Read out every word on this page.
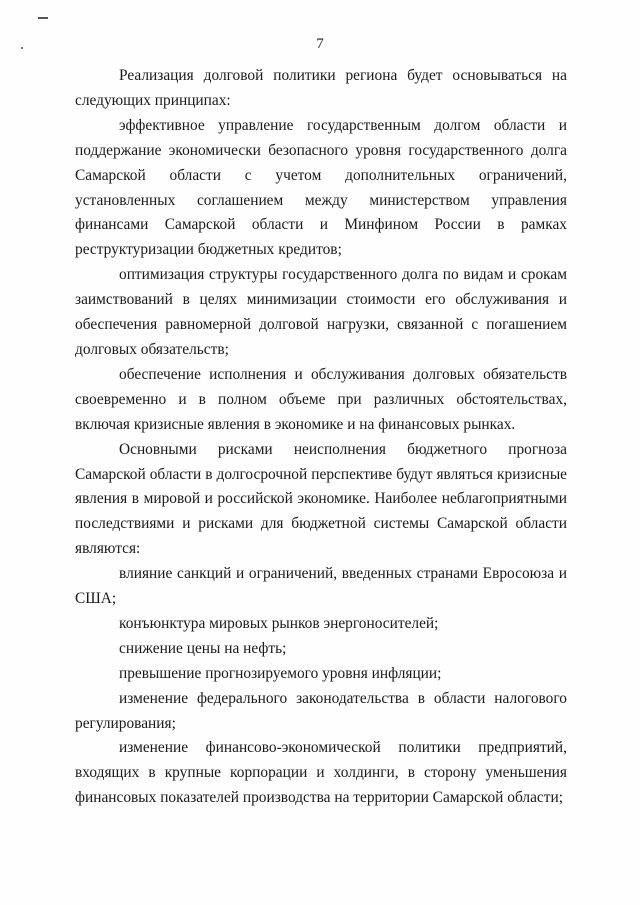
7

Реализация долговой политики региона будет основываться на следующих принципах:

эффективное управление государственным долгом области и поддержание экономически безопасного уровня государственного долга Самарской области с учетом дополнительных ограничений, установленных соглашением между министерством управления финансами Самарской области и Минфином России в рамках реструктуризации бюджетных кредитов;

оптимизация структуры государственного долга по видам и срокам заимствований в целях минимизации стоимости его обслуживания и обеспечения равномерной долговой нагрузки, связанной с погашением долговых обязательств;

обеспечение исполнения и обслуживания долговых обязательств своевременно и в полном объеме при различных обстоятельствах, включая кризисные явления в экономике и на финансовых рынках.

Основными рисками неисполнения бюджетного прогноза Самарской области в долгосрочной перспективе будут являться кризисные явления в мировой и российской экономике. Наиболее неблагоприятными последствиями и рисками для бюджетной системы Самарской области являются:

влияние санкций и ограничений, введенных странами Евросоюза и США;

конъюнктура мировых рынков энергоносителей;

снижение цены на нефть;

превышение прогнозируемого уровня инфляции;

изменение федерального законодательства в области налогового регулирования;

изменение финансово-экономической политики предприятий, входящих в крупные корпорации и холдинги, в сторону уменьшения финансовых показателей производства на территории Самарской области;
